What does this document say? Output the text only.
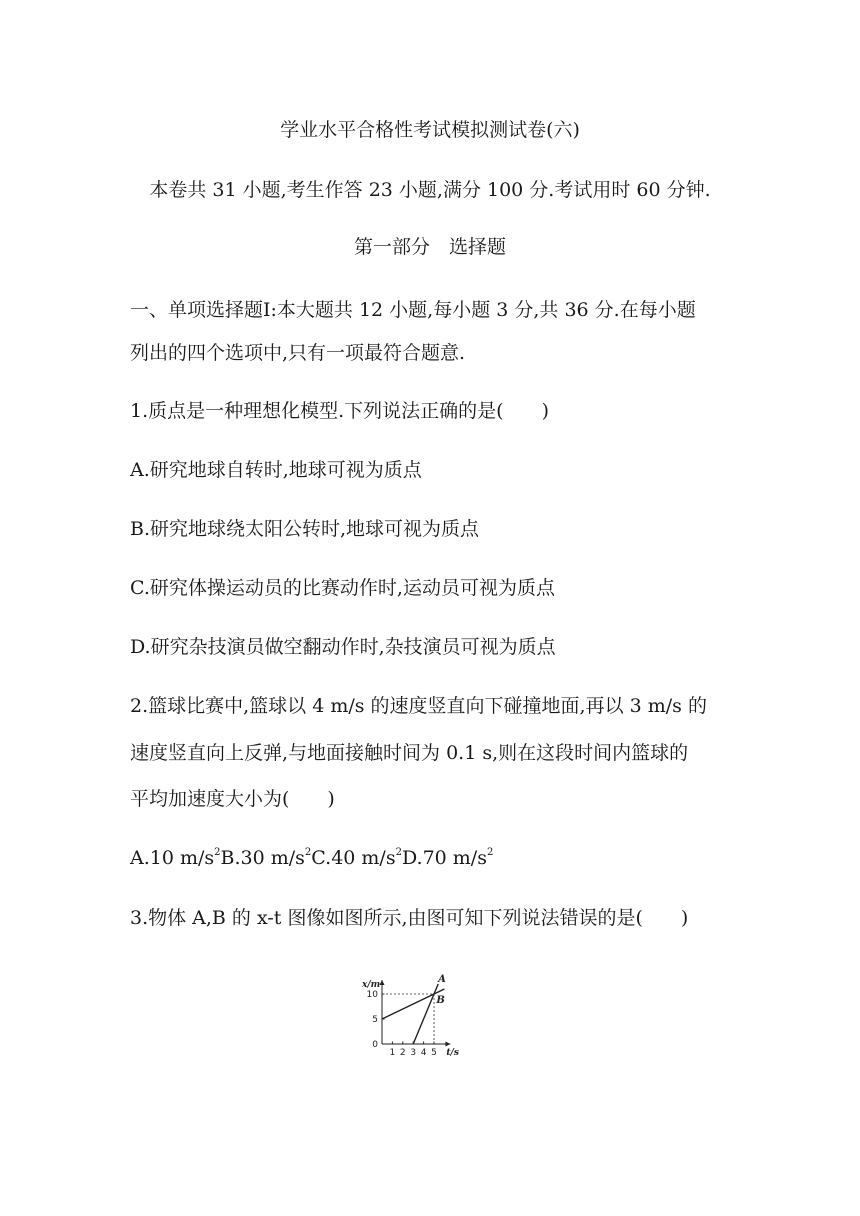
学业水平合格性考试模拟测试卷(六)
本卷共 31 小题,考生作答 23 小题,满分 100 分.考试用时 60 分钟.
第一部分　选择题
一、单项选择题Ⅰ:本大题共 12 小题,每小题 3 分,共 36 分.在每小题
列出的四个选项中,只有一项最符合题意.
1.质点是一种理想化模型.下列说法正确的是(　　)
A.研究地球自转时,地球可视为质点
B.研究地球绕太阳公转时,地球可视为质点
C.研究体操运动员的比赛动作时,运动员可视为质点
D.研究杂技演员做空翻动作时,杂技演员可视为质点
2.篮球比赛中,篮球以 4 m/s 的速度竖直向下碰撞地面,再以 3 m/s 的
速度竖直向上反弹,与地面接触时间为 0.1 s,则在这段时间内篮球的
平均加速度大小为(　　)
A.10 $m/s^2B.30$ $m/s^2C.40$ $m/s^2D.70$ $m/s^2$
3.物体 A,B 的 x-t 图像如图所示,由图可知下列说法错误的是(　　)
x/m
t/s
1 2 3 4 5
0
5
10
A
B
